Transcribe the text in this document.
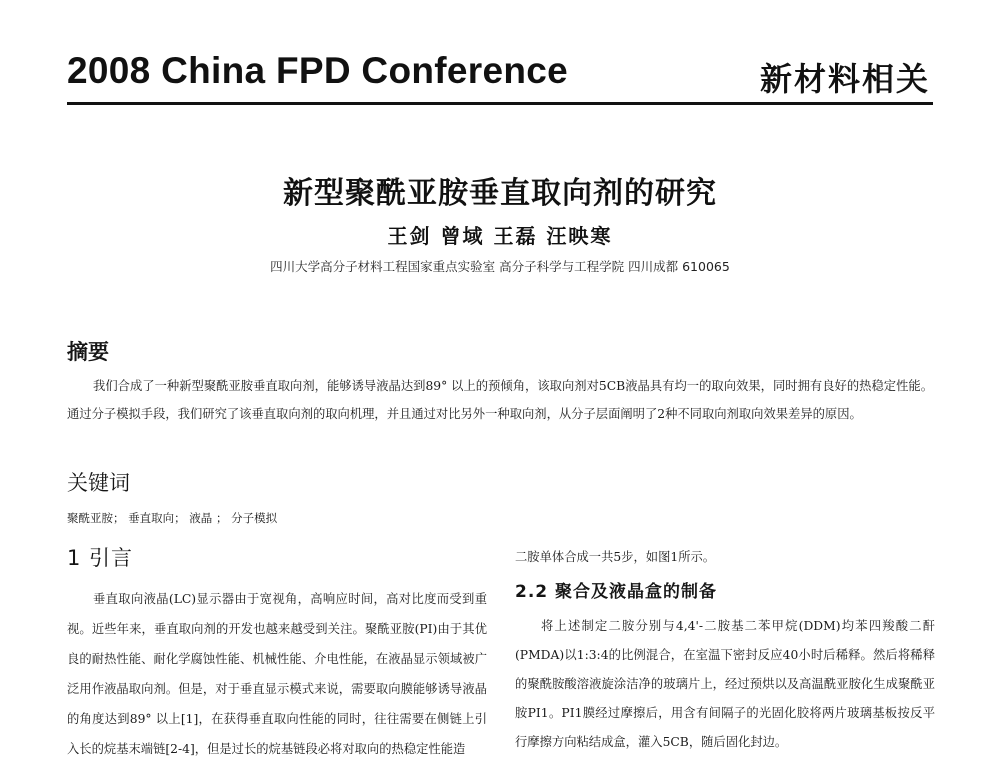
2008 China FPD Conference	新材料相关
新型聚酰亚胺垂直取向剂的研究
王剑 曾域 王磊 汪映寒
四川大学高分子材料工程国家重点实验室 高分子科学与工程学院 四川成都 610065
摘要

我们合成了一种新型聚酰亚胺垂直取向剂，能够诱导液晶达到89° 以上的预倾角，该取向剂对5CB液晶具有均一的取向效果，同时拥有良好的热稳定性能。通过分子模拟手段，我们研究了该垂直取向剂的取向机理，并且通过对比另外一种取向剂，从分子层面阐明了2种不同取向剂取向效果差异的原因。

关键词
聚酰亚胺； 垂直取向； 液晶 ； 分子模拟
1 引言

垂直取向液晶(LC)显示器由于宽视角，高响应时间，高对比度而受到重视。近些年来，垂直取向剂的开发也越来越受到关注。聚酰亚胺(PI)由于其优良的耐热性能、耐化学腐蚀性能、机械性能、介电性能，在液晶显示领域被广泛用作液晶取向剂。但是，对于垂直显示模式来说，需要取向膜能够诱导液晶的角度达到89° 以上[1]，在获得垂直取向性能的同时，往往需要在侧链上引入长的烷基末端链[2-4]，但是过长的烷基链段必将对取向的热稳定性能造

二胺单体合成一共5步，如图1所示。
2.2 聚合及液晶盒的制备

将上述制定二胺分别与4,4'-二胺基二苯甲烷(DDM)均苯四羧酸二酐(PMDA)以1:3:4的比例混合，在室温下密封反应40小时后稀释。然后将稀释的聚酰胺酸溶液旋涂洁净的玻璃片上，经过预烘以及高温酰亚胺化生成聚酰亚胺PI1。PI1膜经过摩擦后，用含有间隔子的光固化胶将两片玻璃基板按反平行摩擦方向粘结成盒，灌入5CB，随后固化封边。
